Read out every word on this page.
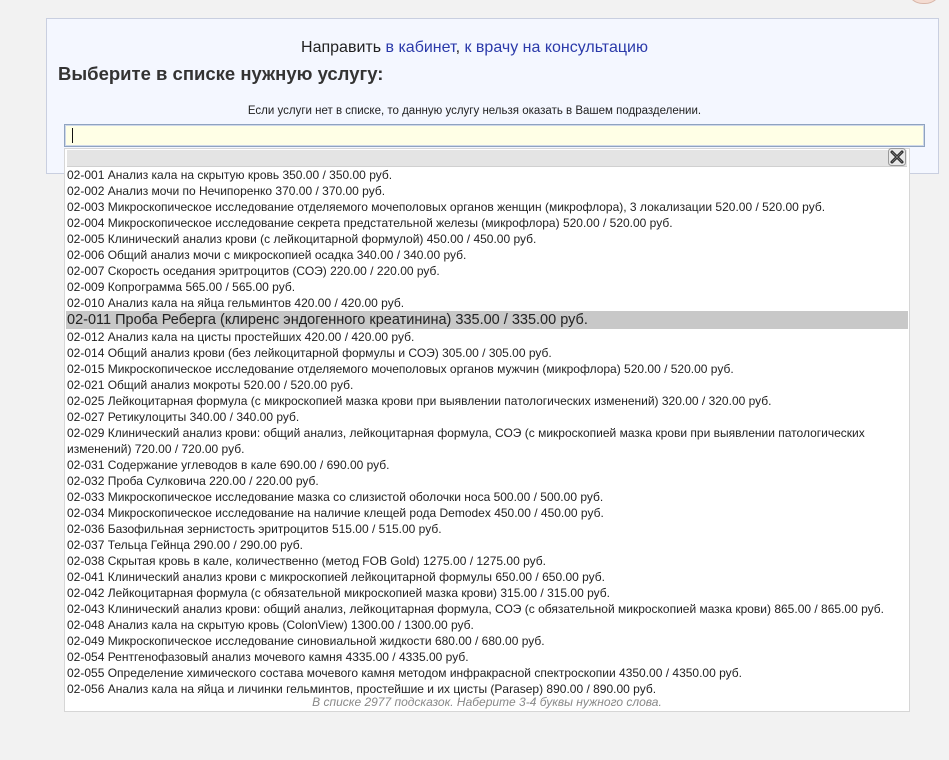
Направить в кабинет, к врачу на консультацию
Выберите в списке нужную услугу:
Если услуги нет в списке, то данную услугу нельзя оказать в Вашем подразделении.
02-001 Анализ кала на скрытую кровь 350.00 / 350.00 руб.
02-002 Анализ мочи по Нечипоренко 370.00 / 370.00 руб.
02-003 Микроскопическое исследование отделяемого мочеполовых органов женщин (микрофлора), 3 локализации 520.00 / 520.00 руб.
02-004 Микроскопическое исследование секрета предстательной железы (микрофлора) 520.00 / 520.00 руб.
02-005 Клинический анализ крови (с лейкоцитарной формулой) 450.00 / 450.00 руб.
02-006 Общий анализ мочи с микроскопией осадка 340.00 / 340.00 руб.
02-007 Скорость оседания эритроцитов (СОЭ) 220.00 / 220.00 руб.
02-009 Копрограмма 565.00 / 565.00 руб.
02-010 Анализ кала на яйца гельминтов 420.00 / 420.00 руб.
02-011 Проба Реберга (клиренс эндогенного креатинина) 335.00 / 335.00 руб.
02-012 Анализ кала на цисты простейших 420.00 / 420.00 руб.
02-014 Общий анализ крови (без лейкоцитарной формулы и СОЭ) 305.00 / 305.00 руб.
02-015 Микроскопическое исследование отделяемого мочеполовых органов мужчин (микрофлора) 520.00 / 520.00 руб.
02-021 Общий анализ мокроты 520.00 / 520.00 руб.
02-025 Лейкоцитарная формула (с микроскопией мазка крови при выявлении патологических изменений) 320.00 / 320.00 руб.
02-027 Ретикулоциты 340.00 / 340.00 руб.
02-029 Клинический анализ крови: общий анализ, лейкоцитарная формула, СОЭ (с микроскопией мазка крови при выявлении патологических изменений) 720.00 / 720.00 руб.
02-031 Содержание углеводов в кале 690.00 / 690.00 руб.
02-032 Проба Сулковича 220.00 / 220.00 руб.
02-033 Микроскопическое исследование мазка со слизистой оболочки носа 500.00 / 500.00 руб.
02-034 Микроскопическое исследование на наличие клещей рода Demodex 450.00 / 450.00 руб.
02-036 Базофильная зернистость эритроцитов 515.00 / 515.00 руб.
02-037 Тельца Гейнца 290.00 / 290.00 руб.
02-038 Скрытая кровь в кале, количественно (метод FOB Gold) 1275.00 / 1275.00 руб.
02-041 Клинический анализ крови с микроскопией лейкоцитарной формулы 650.00 / 650.00 руб.
02-042 Лейкоцитарная формула (с обязательной микроскопией мазка крови) 315.00 / 315.00 руб.
02-043 Клинический анализ крови: общий анализ, лейкоцитарная формула, СОЭ (с обязательной микроскопией мазка крови) 865.00 / 865.00 руб.
02-048 Анализ кала на скрытую кровь (ColonView) 1300.00 / 1300.00 руб.
02-049 Микроскопическое исследование синовиальной жидкости 680.00 / 680.00 руб.
02-054 Рентгенофазовый анализ мочевого камня 4335.00 / 4335.00 руб.
02-055 Определение химического состава мочевого камня методом инфракрасной спектроскопии 4350.00 / 4350.00 руб.
02-056 Анализ кала на яйца и личинки гельминтов, простейшие и их цисты (Parasep) 890.00 / 890.00 руб.
В списке 2977 подсказок. Наберите 3-4 буквы нужного слова.
